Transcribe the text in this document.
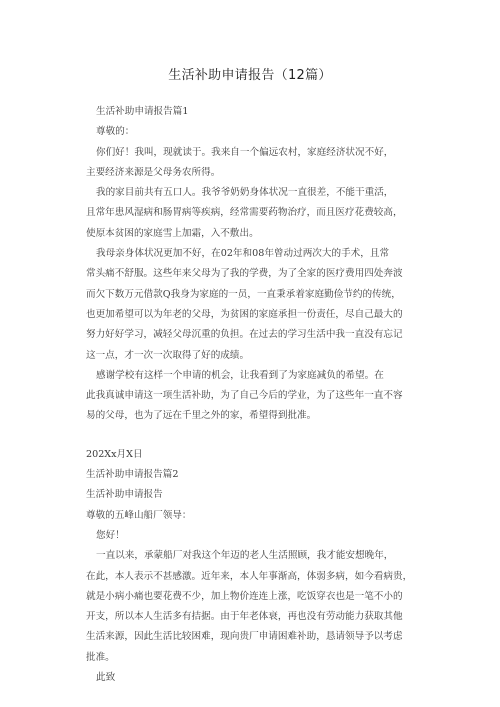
生活补助申请报告（12篇）
生活补助申请报告篇1
尊敬的：
你们好！我叫，现就读于。我来自一个偏远农村，家庭经济状况不好，
主要经济来源是父母务农所得。
我的家目前共有五口人。我爷爷奶奶身体状况一直很差，不能干重活，
且常年患风湿病和肠胃病等疾病，经常需要药物治疗，而且医疗花费较高，
使原本贫困的家庭雪上加霜，入不敷出。
我母亲身体状况更加不好，在02年和08年曾动过两次大的手术，且常
常头痛不舒服。这些年来父母为了我的学费，为了全家的医疗费用四处奔波
而欠下数万元借款Q我身为家庭的一员，一直秉承着家庭勤俭节约的传统，
也更加希望可以为年老的父母，为贫困的家庭承担一份责任，尽自己最大的
努力好好学习，减轻父母沉重的负担。在过去的学习生活中我一直没有忘记
这一点，才一次一次取得了好的成绩。
感谢学校有这样一个申请的机会，让我看到了为家庭减负的希望。在
此我真诚申请这一项生活补助，为了自己今后的学业，为了这些年一直不容
易的父母，也为了远在千里之外的家，希望得到批准。
202Xx月X日
生活补助申请报告篇2
生活补助申请报告
尊敬的五峰山船厂领导：
您好！
一直以来，承蒙船厂对我这个年迈的老人生活照顾，我才能安想晚年，
在此，本人表示不甚感激。近年来，本人年事渐高，体弱多病，如今看病贵，
就是小病小痛也要花费不少，加上物价连连上涨，吃饭穿衣也是一笔不小的
开支，所以本人生活多有拮据。由于年老体衰，再也没有劳动能力获取其他
生活来源，因此生活比较困难，现向贵厂申请困难补助，恳请领导予以考虑
批准。
此致
